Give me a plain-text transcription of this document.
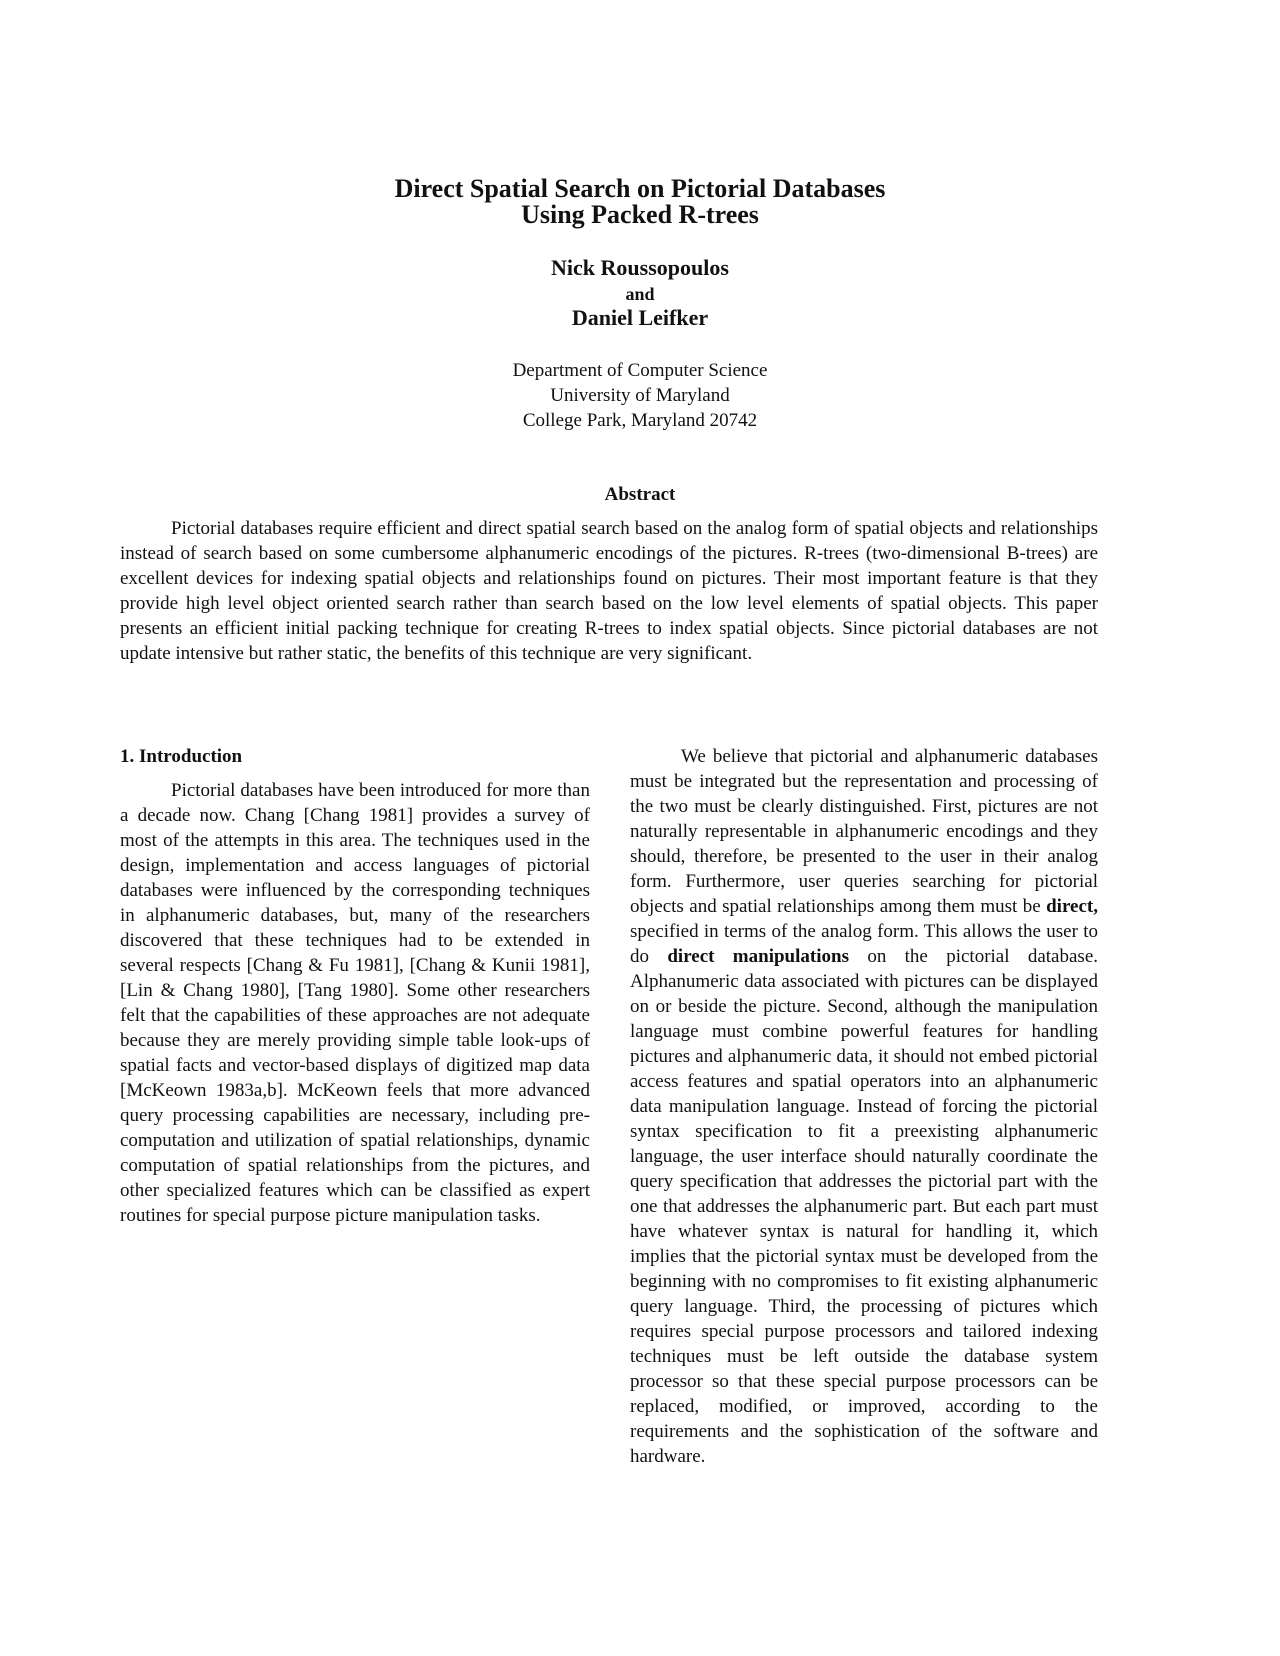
Direct Spatial Search on Pictorial Databases
Using Packed R-trees
Nick Roussopoulos
and
Daniel Leifker
Department of Computer Science
University of Maryland
College Park, Maryland 20742
Abstract

Pictorial databases require efficient and direct spatial search based on the analog form of spatial objects and relationships instead of search based on some cumbersome alphanumeric encodings of the pictures. R-trees (two-dimensional B-trees) are excellent devices for indexing spatial objects and relationships found on pictures. Their most important feature is that they provide high level object oriented search rather than search based on the low level elements of spatial objects. This paper presents an efficient initial packing technique for creating R-trees to index spatial objects. Since pictorial databases are not update intensive but rather static, the benefits of this technique are very significant.

1. Introduction

Pictorial databases have been introduced for more than a decade now. Chang [Chang 1981] provides a survey of most of the attempts in this area. The techniques used in the design, implementation and access languages of pictorial databases were influenced by the corresponding techniques in alphanumeric databases, but, many of the researchers discovered that these techniques had to be extended in several respects [Chang & Fu 1981], [Chang & Kunii 1981], [Lin & Chang 1980], [Tang 1980]. Some other researchers felt that the capabilities of these approaches are not adequate because they are merely providing simple table look-ups of spatial facts and vector-based displays of digitized map data [McKeown 1983a,b]. McKeown feels that more advanced query processing capabilities are necessary, including pre-computation and utilization of spatial relationships, dynamic computation of spatial relationships from the pictures, and other specialized features which can be classified as expert routines for special purpose picture manipulation tasks.

We believe that pictorial and alphanumeric databases must be integrated but the representation and processing of the two must be clearly distinguished. First, pictures are not naturally representable in alphanumeric encodings and they should, therefore, be presented to the user in their analog form. Furthermore, user queries searching for pictorial objects and spatial relationships among them must be direct, specified in terms of the analog form. This allows the user to do direct manipulations on the pictorial database. Alphanumeric data associated with pictures can be displayed on or beside the picture. Second, although the manipulation language must combine powerful features for handling pictures and alphanumeric data, it should not embed pictorial access features and spatial operators into an alphanumeric data manipulation language. Instead of forcing the pictorial syntax specification to fit a preexisting alphanumeric language, the user interface should naturally coordinate the query specification that addresses the pictorial part with the one that addresses the alphanumeric part. But each part must have whatever syntax is natural for handling it, which implies that the pictorial syntax must be developed from the beginning with no compromises to fit existing alphanumeric query language. Third, the processing of pictures which requires special purpose processors and tailored indexing techniques must be left outside the database system processor so that these special purpose processors can be replaced, modified, or improved, according to the requirements and the sophistication of the software and hardware.
